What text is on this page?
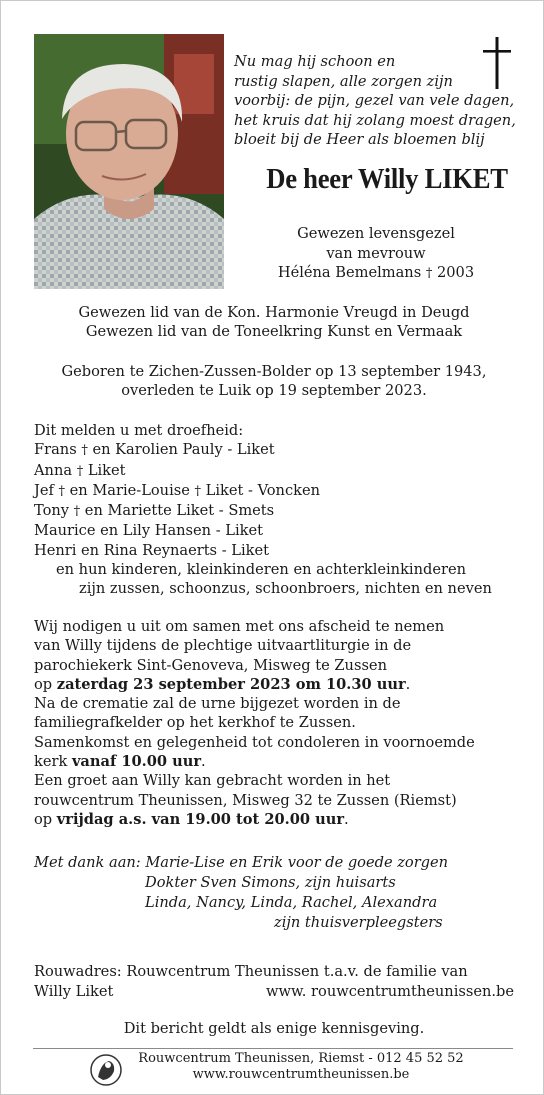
Nu mag hij schoon en
rustig slapen, alle zorgen zijn
voorbij: de pijn, gezel van vele dagen,
het kruis dat hij zolang moest dragen,
bloeit bij de Heer als bloemen blij
De heer Willy LIKET
Gewezen levensgezel
van mevrouw
Héléna Bemelmans † 2003
Gewezen lid van de Kon. Harmonie Vreugd in Deugd
Gewezen lid van de Toneelkring Kunst en Vermaak
Geboren te Zichen-Zussen-Bolder op 13 september 1943,
overleden te Luik op 19 september 2023.
Dit melden u met droefheid:
Frans † en Karolien Pauly - Liket
Anna † Liket
Jef † en Marie-Louise † Liket - Voncken
Tony † en Mariette Liket - Smets
Maurice en Lily Hansen - Liket
Henri en Rina Reynaerts - Liket
en hun kinderen, kleinkinderen en achterkleinkinderen
zijn zussen, schoonzus, schoonbroers, nichten en neven
Wij nodigen u uit om samen met ons afscheid te nemen
van Willy tijdens de plechtige uitvaartliturgie in de
parochiekerk Sint-Genoveva, Misweg te Zussen
op zaterdag 23 september 2023 om 10.30 uur.
Na de crematie zal de urne bijgezet worden in de
familiegrafkelder op het kerkhof te Zussen.
Samenkomst en gelegenheid tot condoleren in voornoemde
kerk vanaf 10.00 uur.
Een groet aan Willy kan gebracht worden in het
rouwcentrum Theunissen, Misweg 32 te Zussen (Riemst)
op vrijdag a.s. van 19.00 tot 20.00 uur.
Met dank aan: Marie-Lise en Erik voor de goede zorgen
Dokter Sven Simons, zijn huisarts
Linda, Nancy, Linda, Rachel, Alexandra
zijn thuisverpleegsters
Rouwadres: Rouwcentrum Theunissen t.a.v. de familie van
Willy Liket	www. rouwcentrumtheunissen.be
Dit bericht geldt als enige kennisgeving.
Rouwcentrum Theunissen, Riemst - 012 45 52 52
www.rouwcentrumtheunissen.be
